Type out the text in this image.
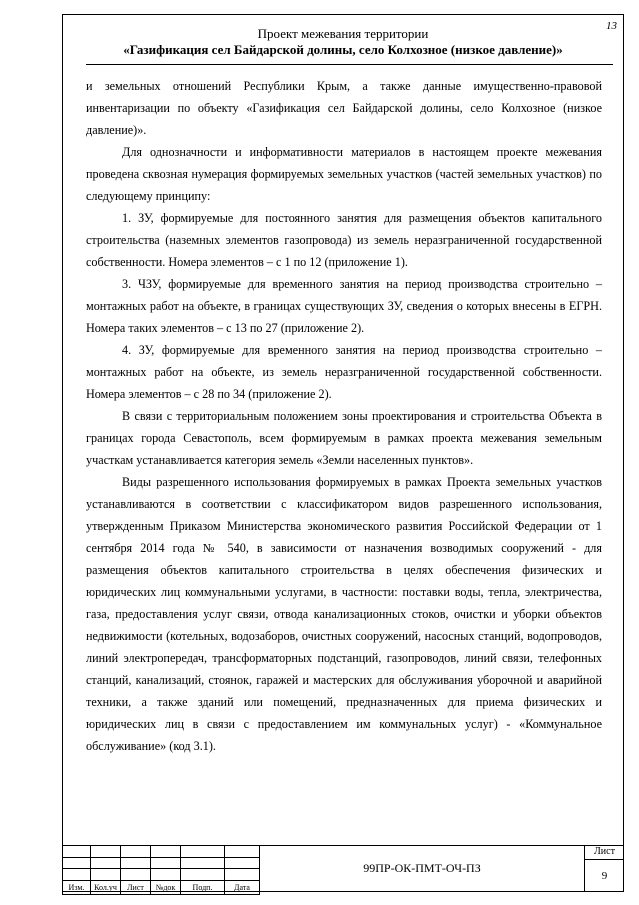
13
Проект межевания территории
«Газификация сел Байдарской долины, село Колхозное (низкое давление)»

и земельных отношений Республики Крым, а также данные имущественно-правовой инвентаризации по объекту «Газификация сел Байдарской долины, село Колхозное (низкое давление)».

Для однозначности и информативности материалов в настоящем проекте межевания проведена сквозная нумерация формируемых земельных участков (частей земельных участков) по следующему принципу:

1. ЗУ, формируемые для постоянного занятия для размещения объектов капитального строительства (наземных элементов газопровода) из земель неразграниченной государственной собственности. Номера элементов – с 1 по 12 (приложение 1).

3. ЧЗУ, формируемые для временного занятия на период производства строительно – монтажных работ на объекте, в границах существующих ЗУ, сведения о которых внесены в ЕГРН. Номера таких элементов – с 13 по 27 (приложение 2).

4. ЗУ, формируемые для временного занятия на период производства строительно – монтажных работ на объекте, из земель неразграниченной государственной собственности. Номера элементов – с 28 по 34 (приложение 2).

В связи с территориальным положением зоны проектирования и строительства Объекта в границах города Севастополь, всем формируемым в рамках проекта межевания земельным участкам устанавливается категория земель «Земли населенных пунктов».

Виды разрешенного использования формируемых в рамках Проекта земельных участков устанавливаются в соответствии с классификатором видов разрешенного использования, утвержденным Приказом Министерства экономического развития Российской Федерации от 1 сентября 2014 года № 540, в зависимости от назначения возводимых сооружений - для размещения объектов капитального строительства в целях обеспечения физических и юридических лиц коммунальными услугами, в частности: поставки воды, тепла, электричества, газа, предоставления услуг связи, отвода канализационных стоков, очистки и уборки объектов недвижимости (котельных, водозаборов, очистных сооружений, насосных станций, водопроводов, линий электропередач, трансформаторных подстанций, газопроводов, линий связи, телефонных станций, канализаций, стоянок, гаражей и мастерских для обслуживания уборочной и аварийной техники, а также зданий или помещений, предназначенных для приема физических и юридических лиц в связи с предоставлением им коммунальных услуг) - «Коммунальное обслуживание» (код 3.1).

Изм.	Кол.уч	Лист	№док	Подп.	Дата
99ПР-ОК-ПМТ-ОЧ-ПЗ
Лист
9
